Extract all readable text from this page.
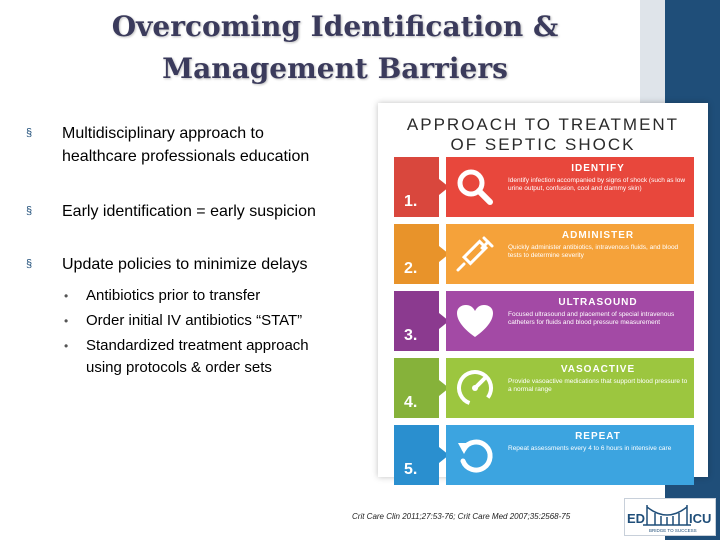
Overcoming Identification &
Management Barriers
§ Multidisciplinary approach to
healthcare professionals education
§ Early identification = early suspicion
§ Update policies to minimize delays
• Antibiotics prior to transfer
• Order initial IV antibiotics “STAT”
• Standardized treatment approach
using protocols & order sets
APPROACH TO TREATMENT
OF SEPTIC SHOCK
1.
IDENTIFY
Identify infection accompanied by signs of shock (such as low urine output, confusion, cool and clammy skin)
2.
ADMINISTER
Quickly administer antibiotics, intravenous fluids, and blood tests to determine severity
3.
ULTRASOUND
Focused ultrasound and placement of special intravenous catheters for fluids and blood pressure measurement
4.
VASOACTIVE
Provide vasoactive medications that support blood pressure to a normal range
5.
REPEAT
Repeat assessments every 4 to 6 hours in intensive care
Crit Care Clin 2011;27:53-76; Crit Care Med 2007;35:2568-75	ED	ICU
BRIDGE TO SUCCESS
